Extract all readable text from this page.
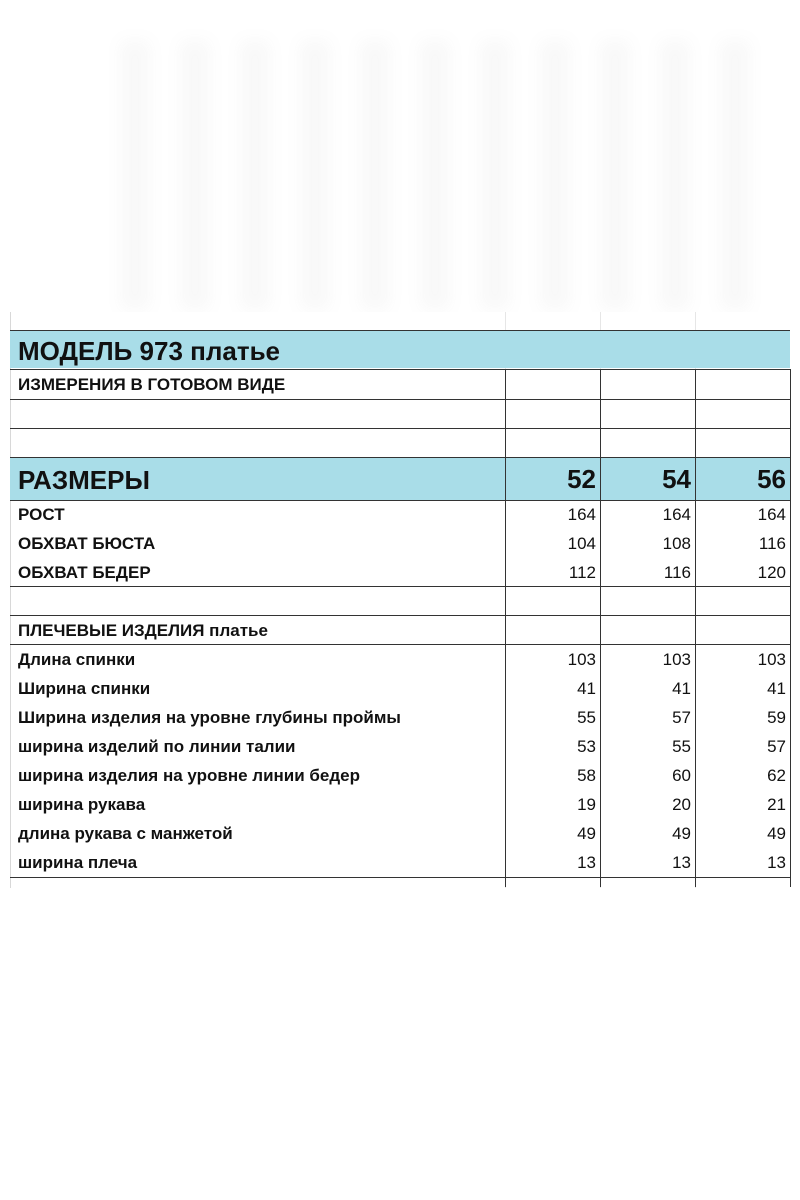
МОДЕЛЬ 973 платье
ИЗМЕРЕНИЯ В ГОТОВОМ ВИДЕ
РАЗМЕРЫ	52	54	56
РОСТ	164	164	164
ОБХВАТ БЮСТА	104	108	116
ОБХВАТ БЕДЕР	112	116	120
ПЛЕЧЕВЫЕ ИЗДЕЛИЯ платье
Длина спинки	103	103	103
Ширина спинки	41	41	41
Ширина изделия на уровне глубины проймы	55	57	59
ширина изделий по линии талии	53	55	57
ширина изделия на уровне линии бедер	58	60	62
ширина рукава	19	20	21
длина рукава с манжетой	49	49	49
ширина плеча	13	13	13
